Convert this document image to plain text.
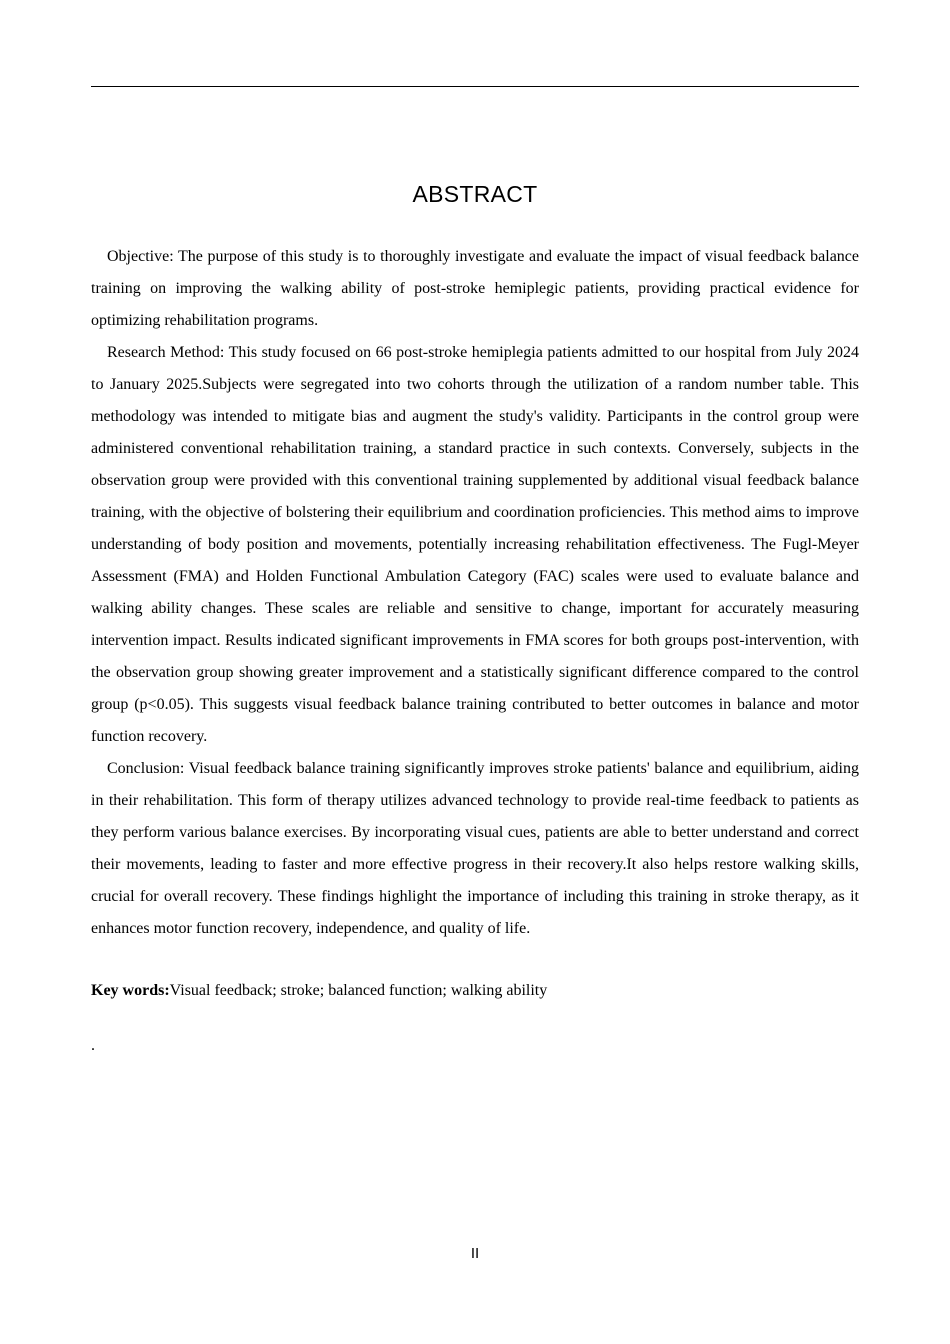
ABSTRACT

Objective: The purpose of this study is to thoroughly investigate and evaluate the impact of visual feedback balance training on improving the walking ability of post-stroke hemiplegic patients, providing practical evidence for optimizing rehabilitation programs.

Research Method: This study focused on 66 post-stroke hemiplegia patients admitted to our hospital from July 2024 to January 2025.Subjects were segregated into two cohorts through the utilization of a random number table. This methodology was intended to mitigate bias and augment the study's validity. Participants in the control group were administered conventional rehabilitation training, a standard practice in such contexts. Conversely, subjects in the observation group were provided with this conventional training supplemented by additional visual feedback balance training, with the objective of bolstering their equilibrium and coordination proficiencies. This method aims to improve understanding of body position and movements, potentially increasing rehabilitation effectiveness. The Fugl-Meyer Assessment (FMA) and Holden Functional Ambulation Category (FAC) scales were used to evaluate balance and walking ability changes. These scales are reliable and sensitive to change, important for accurately measuring intervention impact. Results indicated significant improvements in FMA scores for both groups post-intervention, with the observation group showing greater improvement and a statistically significant difference compared to the control group (p<0.05). This suggests visual feedback balance training contributed to better outcomes in balance and motor function recovery.

Conclusion: Visual feedback balance training significantly improves stroke patients' balance and equilibrium, aiding in their rehabilitation. This form of therapy utilizes advanced technology to provide real-time feedback to patients as they perform various balance exercises. By incorporating visual cues, patients are able to better understand and correct their movements, leading to faster and more effective progress in their recovery.It also helps restore walking skills, crucial for overall recovery. These findings highlight the importance of including this training in stroke therapy, as it enhances motor function recovery, independence, and quality of life.

Key words:Visual feedback; stroke; balanced function; walking ability
.
II
